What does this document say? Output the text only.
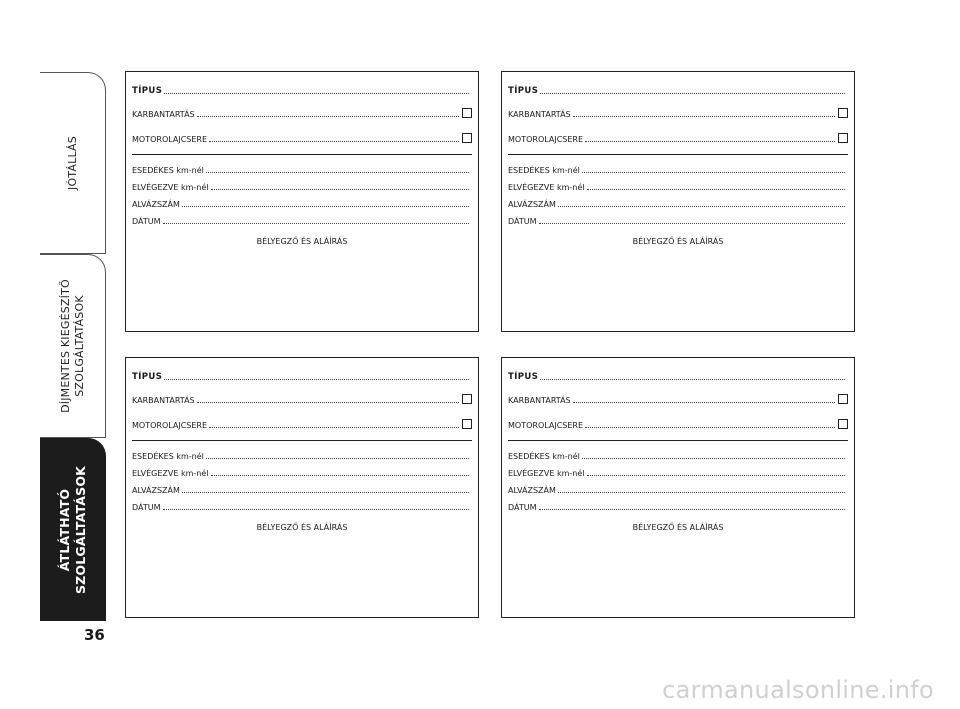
JÓTÁLLÁS
DÍJMENTES KIEGÉSZÍTŐ SZOLGÁLTATÁSOK
ÁTLÁTHATÓ SZOLGÁLTATÁSOK
36
TÍPUS
KARBANTARTÁS
MOTOROLAJCSERE
ESEDÉKES km-nél
ELVÉGEZVE km-nél
ALVÁZSZÁM
DÁTUM
BÉLYEGZŐ ÉS ALÁÍRÁS
TÍPUS
KARBANTARTÁS
MOTOROLAJCSERE
ESEDÉKES km-nél
ELVÉGEZVE km-nél
ALVÁZSZÁM
DÁTUM
BÉLYEGZŐ ÉS ALÁÍRÁS
TÍPUS
KARBANTARTÁS
MOTOROLAJCSERE
ESEDÉKES km-nél
ELVÉGEZVE km-nél
ALVÁZSZÁM
DÁTUM
BÉLYEGZŐ ÉS ALÁÍRÁS
TÍPUS
KARBANTARTÁS
MOTOROLAJCSERE
ESEDÉKES km-nél
ELVÉGEZVE km-nél
ALVÁZSZÁM
DÁTUM
BÉLYEGZŐ ÉS ALÁÍRÁS
carmanualsonline.info
